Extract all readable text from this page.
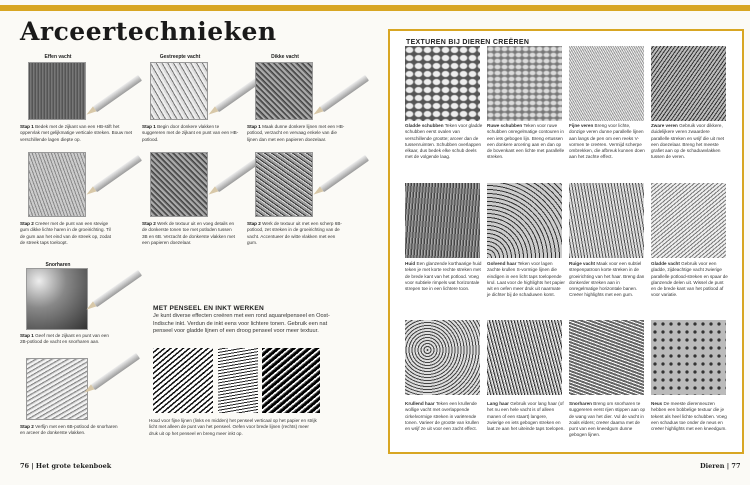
Arceertechnieken
Effen vacht
Stap 1 Bedek met de zijkant van een HB-stift het oppervlak met gelijkmatige verticale streken. Bouw met verschillende lagen diepte op.
Stap 2 Creëer met de punt van een stevige gum dikke lichte haren in de groeirichting. Til de gum aan het eind van de streek op, zodat de streek taps toeloopt.
Gestreepte vacht
Stap 1 Begin door donkere vlakken te suggereren met de zijkant en punt van een HB-potlood.
Stap 2 Werk de textuur uit en voeg details en de donkerste tonen toe met potloden tussen 3B en 6B. Verzacht de donkerste vlakken met een papieren doezelaar.
Dikke vacht
Stap 1 Maak dunne donkere lijnen met een HB-potlood, verzacht en vervaag enkele van die lijnen dan met een papieren doezelaar.
Stap 2 Werk de textuur uit met een scherp 6B-potlood, zet streken in de groeirichting van de vacht. Accentueer de witte vlakken met een gum.
Snorharen
Stap 1 Geef met de zijkant en punt van een 2B-potlood de vacht en snorharen aan.
Stap 2 Verfijn met een 6B-potlood de snorharen en arceer de donkerste vlakken.
MET PENSEEL EN INKT WERKEN
Je kunt diverse effecten creëren met een rond aquarelpenseel en Oost-Indische inkt. Verdun de inkt eens voor lichtere tonen. Gebruik een nat penseel voor gladde lijnen of een droog penseel voor meer textuur.
Houd voor fijne lijnen (links en midden) het penseel verticaal op het papier en strijk licht met alleen de punt van het penseel. Oefen voor brede lijnen (rechts) meer druk uit op het penseel en breng meer inkt op.
76 | Het grote tekenboek
TEXTUREN BIJ DIEREN CREËREN
Gladde schubben Teken voor gladde schubben eerst ovalen van verschillende grootte; arceer dan de tussenruimten. Schubben overlappen elkaar, dus bedek elke schub deels met de volgende laag.
Ruwe schubben Teken voor ruwe schubben onregelmatige contouren in een iets gebogen lijn. Breng ertussen een donkere arcering aan en dan op de bovenkant een lichte met parallelle streken.
Fijne veren Breng voor lichte, donzige veren dunne parallelle lijnen aan langs de pen om een reeks V-vormen te creëren. Vermijd scherpe ombrekken, die afbreuk kunnen doen aan het zachte effect.
Zware veren Gebruik voor dikkere, duidelijkere veren zwaardere parallelle streken en wrijf die uit met een doezelaar. Breng het meeste grafiet aan op de schaduwvlakken tussen de veren.
Huid Een glanzende korthaarige huid teken je met korte rechte streken met de brede kant van het potlood. Voeg voor subtiele rimpels wat horizontale strepen toe in een lichtere toon.
Golvend haar Teken voor lagen zachte krullen S-vormige lijnen die eindigen in een licht taps toelopende krul. Laat voor de highlights het papier wit en oefen meer druk uit naarmate je dichter bij de schaduwen komt.
Ruige vacht Maak voor een subtiel strepenpatroon korte streken in de groeirichting van het haar. Breng dan donkerder streken aan in onregelmatige horizontale banen. Creëer highlights met een gum.
Gladde vacht Gebruik voor een gladde, zijdeachtige vacht zwierige parallelle potlood-streken en spaar de glanzende delen uit. Wissel de punt en de brede kant van het potlood af voor variatie.
Krullend haar Teken een krullende wollige vacht met overlappende cirkelvormige streken in variërende tonen. Varieer de grootte van krullen en wrijf ze uit voor een zacht effect.
Lang haar Gebruik voor lang haar (of het nu een hele vacht is of alleen manen of een staart) langere, zwierige en iets gebogen streken en laat ze aan het uiteinde taps toelopen.
Snorharen Breng om snorharen te suggereren eerst rijen stippen aan op de wang van het dier. Vul de vacht in zoals elders; creëer daarna met de punt van een kneedgum dunne gebogen lijnen.
Neus De meeste dierenneuzen hebben een bobbelige textuur die je tekent als heel lichte schubben. Voeg een schaduw toe onder de neus en creëer highlights met een kneedgum.
Dieren | 77
